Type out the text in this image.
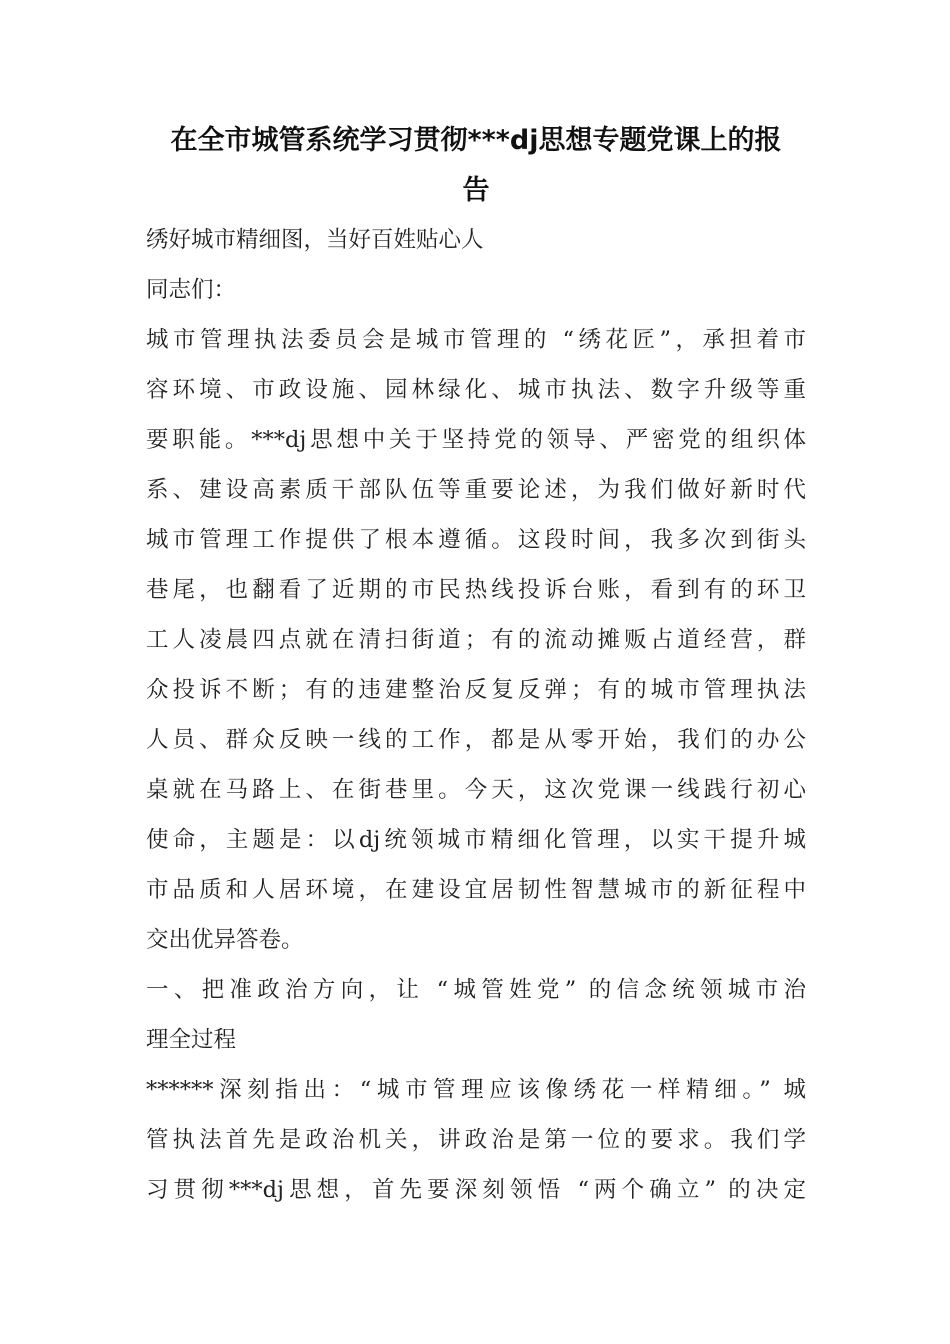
在全市城管系统学习贯彻***dj思想专题党课上的报
告
绣好城市精细图，当好百姓贴心人
同志们：
城市管理执法委员会是城市管理的 “绣花匠”，承担着市
容环境、市政设施、园林绿化、城市执法、数字升级等重
要职能。***dj思想中关于坚持党的领导、严密党的组织体
系、建设高素质干部队伍等重要论述，为我们做好新时代
城市管理工作提供了根本遵循。这段时间，我多次到街头
巷尾，也翻看了近期的市民热线投诉台账，看到有的环卫
工人凌晨四点就在清扫街道；有的流动摊贩占道经营，群
众投诉不断；有的违建整治反复反弹；有的城市管理执法
人员、群众反映一线的工作，都是从零开始，我们的办公
桌就在马路上、在街巷里。今天，这次党课一线践行初心
使命，主题是：以dj统领城市精细化管理，以实干提升城
市品质和人居环境，在建设宜居韧性智慧城市的新征程中
交出优异答卷。
一、把准政治方向，让 “城管姓党” 的信念统领城市治
理全过程
******深刻指出：“城市管理应该像绣花一样精细。” 城
管执法首先是政治机关，讲政治是第一位的要求。我们学
习贯彻***dj思想，首先要深刻领悟 “两个确立” 的决定
